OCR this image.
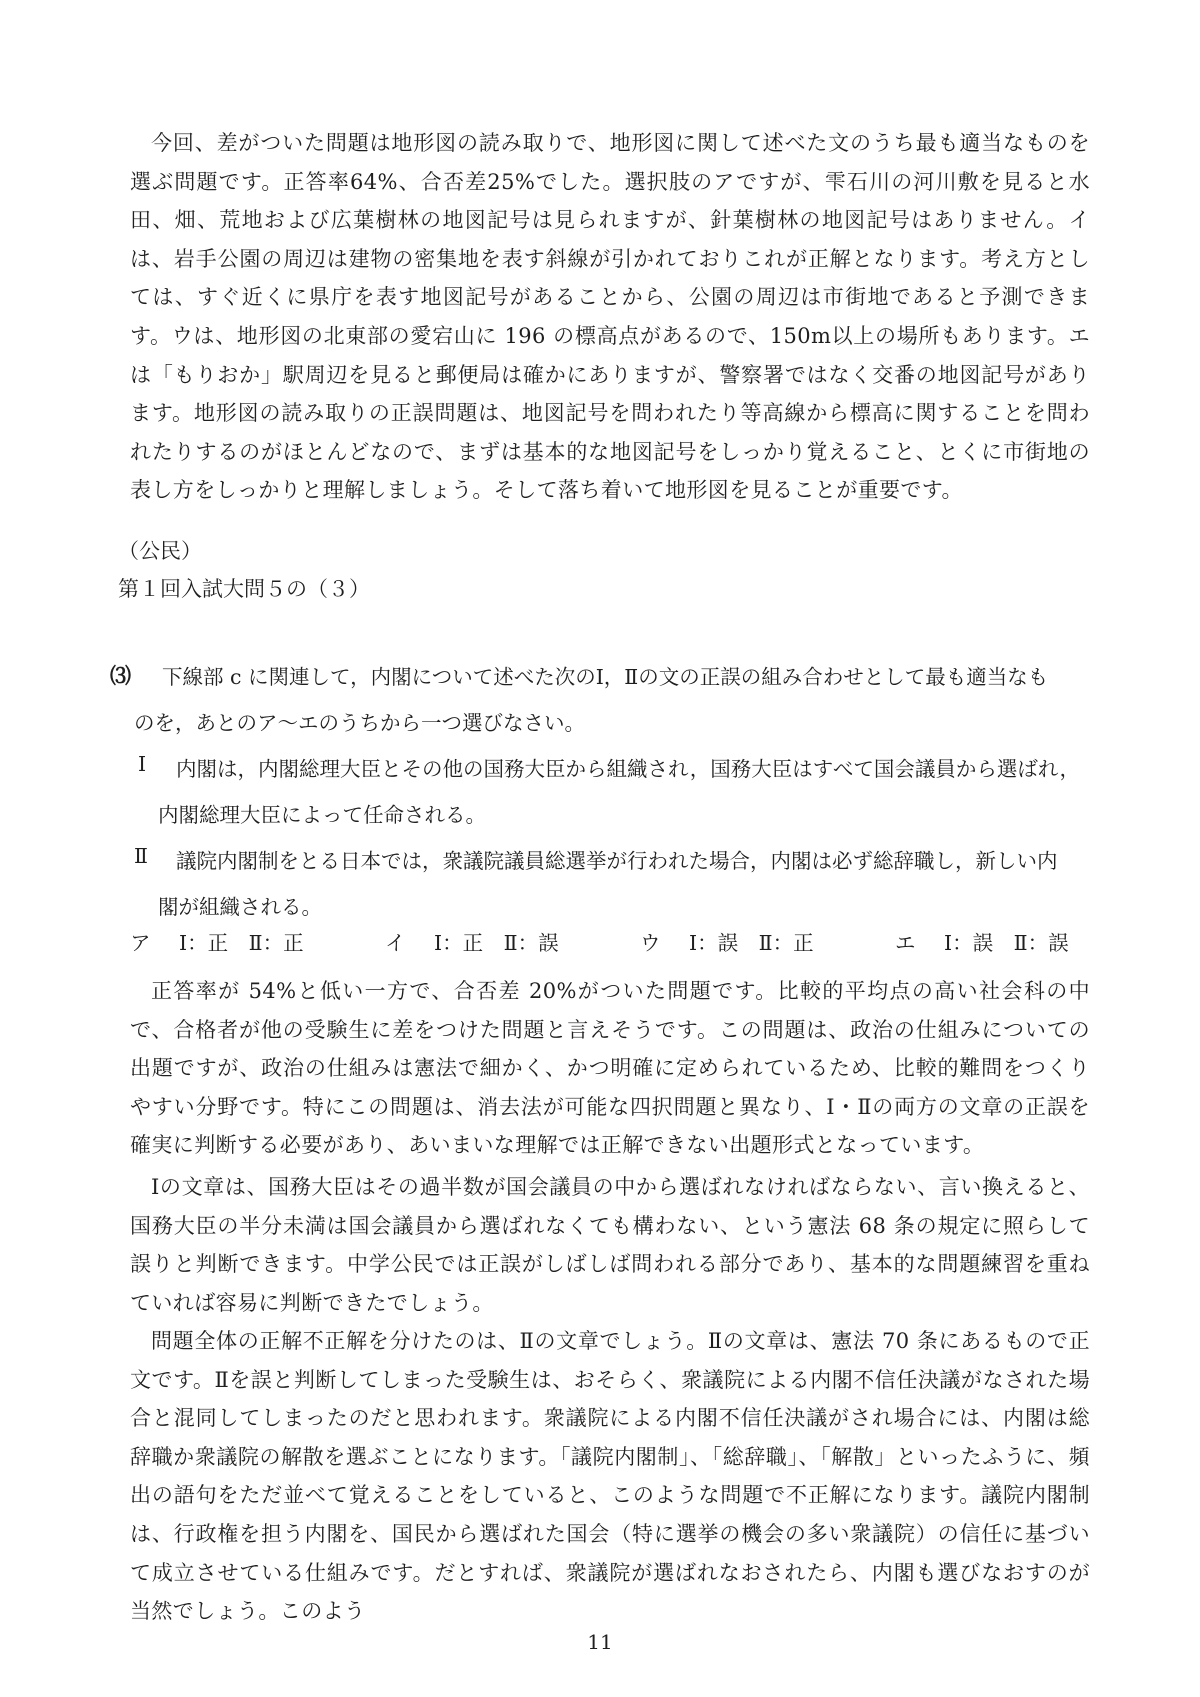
今回、差がついた問題は地形図の読み取りで、地形図に関して述べた文のうち最も適当なものを選ぶ問題です。正答率64%、合否差25%でした。選択肢のアですが、雫石川の河川敷を見ると水田、畑、荒地および広葉樹林の地図記号は見られますが、針葉樹林の地図記号はありません。イは、岩手公園の周辺は建物の密集地を表す斜線が引かれておりこれが正解となります。考え方としては、すぐ近くに県庁を表す地図記号があることから、公園の周辺は市街地であると予測できます。ウは、地形図の北東部の愛宕山に 196 の標高点があるので、150m以上の場所もあります。エは「もりおか」駅周辺を見ると郵便局は確かにありますが、警察署ではなく交番の地図記号があります。地形図の読み取りの正誤問題は、地図記号を問われたり等高線から標高に関することを問われたりするのがほとんどなので、まずは基本的な地図記号をしっかり覚えること、とくに市街地の表し方をしっかりと理解しましょう。そして落ち着いて地形図を見ることが重要です。

（公民）

第１回入試大問５の（３）

⑶ 下線部 c に関連して，内閣について述べた次のⅠ，Ⅱの文の正誤の組み合わせとして最も適当なも
のを，あとのア～エのうちから一つ選びなさい。
Ⅰ 内閣は，内閣総理大臣とその他の国務大臣から組織され，国務大臣はすべて国会議員から選ばれ，
内閣総理大臣によって任命される。
Ⅱ 議院内閣制をとる日本では，衆議院議員総選挙が行われた場合，内閣は必ず総辞職し，新しい内
閣が組織される。
ア Ⅰ：正　Ⅱ：正	イ Ⅰ：正　Ⅱ：誤	ウ Ⅰ：誤　Ⅱ：正	エ Ⅰ：誤　Ⅱ：誤

正答率が 54%と低い一方で、合否差 20%がついた問題です。比較的平均点の高い社会科の中で、合格者が他の受験生に差をつけた問題と言えそうです。この問題は、政治の仕組みについての出題ですが、政治の仕組みは憲法で細かく、かつ明確に定められているため、比較的難問をつくりやすい分野です。特にこの問題は、消去法が可能な四択問題と異なり、Ⅰ・Ⅱの両方の文章の正誤を確実に判断する必要があり、あいまいな理解では正解できない出題形式となっています。

Ⅰの文章は、国務大臣はその過半数が国会議員の中から選ばれなければならない、言い換えると、国務大臣の半分未満は国会議員から選ばれなくても構わない、という憲法 68 条の規定に照らして誤りと判断できます。中学公民では正誤がしばしば問われる部分であり、基本的な問題練習を重ねていれば容易に判断できたでしょう。

問題全体の正解不正解を分けたのは、Ⅱの文章でしょう。Ⅱの文章は、憲法 70 条にあるもので正文です。Ⅱを誤と判断してしまった受験生は、おそらく、衆議院による内閣不信任決議がなされた場合と混同してしまったのだと思われます。衆議院による内閣不信任決議がされ場合には、内閣は総辞職か衆議院の解散を選ぶことになります。「議院内閣制」、「総辞職」、「解散」といったふうに、頻出の語句をただ並べて覚えることをしていると、このような問題で不正解になります。議院内閣制は、行政権を担う内閣を、国民から選ばれた国会（特に選挙の機会の多い衆議院）の信任に基づいて成立させている仕組みです。だとすれば、衆議院が選ばれなおされたら、内閣も選びなおすのが当然でしょう。このよう

11
